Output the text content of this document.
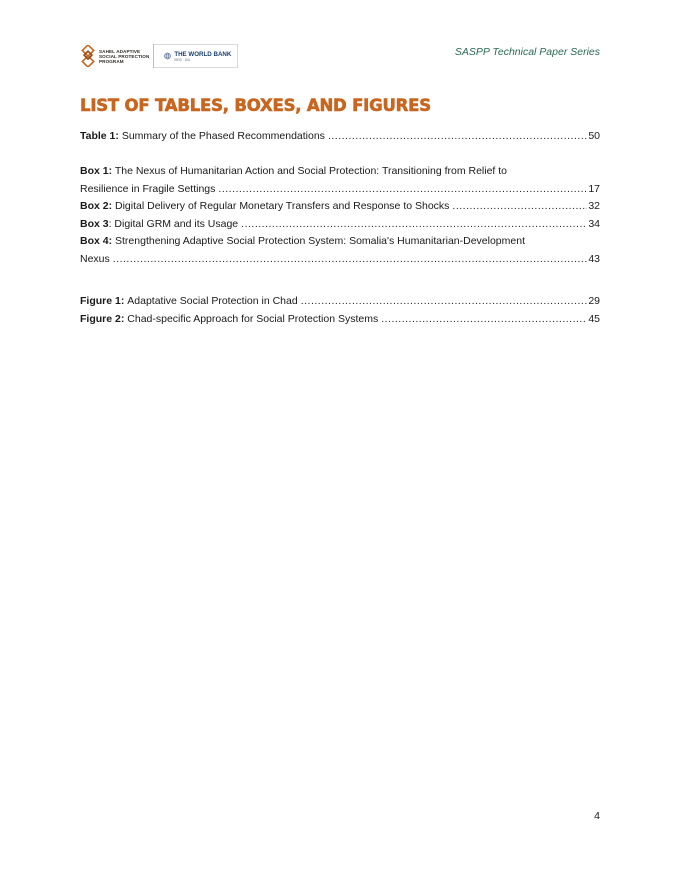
SAHEL ADAPTIVE
SOCIAL PROTECTION
PROGRAM
THE WORLD BANK
IBRD · IDA
SASPP Technical Paper Series
LIST OF TABLES, BOXES, AND FIGURES
Table 1:
Summary of the Phased Recommendations .....	50
Box 1: The Nexus of Humanitarian Action and Social Protection: Transitioning from Relief to
Resilience in Fragile Settings .....	17
Box 2:
Digital Delivery of Regular Monetary Transfers and Response to Shocks .....	32
Box 3 : Digital GRM and its Usage .....	34
Box 4: Strengthening Adaptive Social Protection System: Somalia's Humanitarian-Development
Nexus .....	43
Figure 1:
Adaptative Social Protection in Chad .....	29
Figure 2:
Chad-specific Approach for Social Protection Systems .....	45
4
